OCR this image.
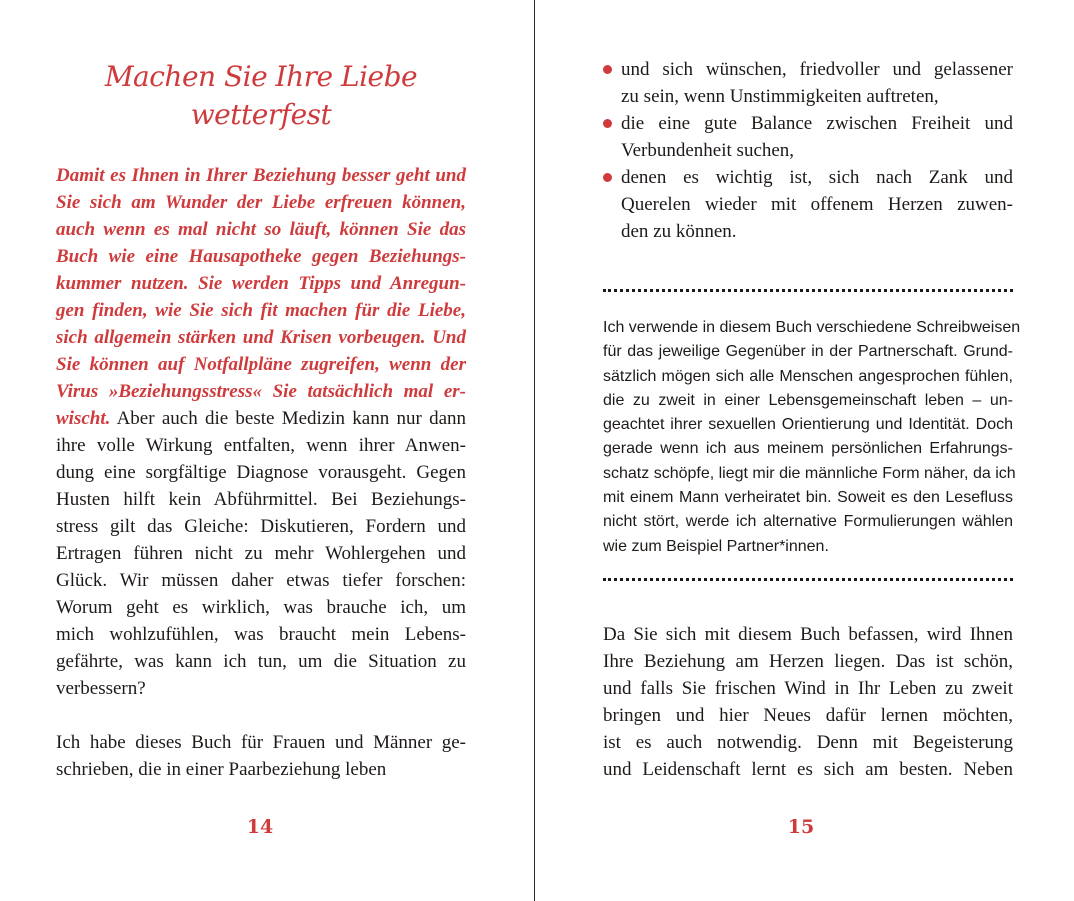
Machen Sie Ihre Liebe
wetterfest
Damit es Ihnen in Ihrer Beziehung besser geht und
Sie sich am Wunder der Liebe erfreuen können,
auch wenn es mal nicht so läuft, können Sie das
Buch wie eine Hausapotheke gegen Beziehungs-
kummer nutzen. Sie werden Tipps und Anregun-
gen finden, wie Sie sich fit machen für die Liebe,
sich allgemein stärken und Krisen vorbeugen. Und
Sie können auf Notfallpläne zugreifen, wenn der
Virus »Beziehungsstress« Sie tatsächlich mal er-
wischt. Aber auch die beste Medizin kann nur dann
ihre volle Wirkung entfalten, wenn ihrer Anwen-
dung eine sorgfältige Diagnose vorausgeht. Gegen
Husten hilft kein Abführmittel. Bei Beziehungs-
stress gilt das Gleiche: Diskutieren, Fordern und
Ertragen führen nicht zu mehr Wohlergehen und
Glück. Wir müssen daher etwas tiefer forschen:
Worum geht es wirklich, was brauche ich, um
mich wohlzufühlen, was braucht mein Lebens-
gefährte, was kann ich tun, um die Situation zu
verbessern?
Ich habe dieses Buch für Frauen und Männer ge-
schrieben, die in einer Paarbeziehung leben
14
und sich wünschen, friedvoller und gelassener
zu sein, wenn Unstimmigkeiten auftreten,
die eine gute Balance zwischen Freiheit und
Verbundenheit suchen,
denen es wichtig ist, sich nach Zank und
Querelen wieder mit offenem Herzen zuwen-
den zu können.
Ich verwende in diesem Buch verschiedene Schreibweisen
für das jeweilige Gegenüber in der Partnerschaft. Grund-
sätzlich mögen sich alle Menschen angesprochen fühlen,
die zu zweit in einer Lebensgemeinschaft leben – un-
geachtet ihrer sexuellen Orientierung und Identität. Doch
gerade wenn ich aus meinem persönlichen Erfahrungs-
schatz schöpfe, liegt mir die männliche Form näher, da ich
mit einem Mann verheiratet bin. Soweit es den Lesefluss
nicht stört, werde ich alternative Formulierungen wählen
wie zum Beispiel Partner*innen.
Da Sie sich mit diesem Buch befassen, wird Ihnen
Ihre Beziehung am Herzen liegen. Das ist schön,
und falls Sie frischen Wind in Ihr Leben zu zweit
bringen und hier Neues dafür lernen möchten,
ist es auch notwendig. Denn mit Begeisterung
und Leidenschaft lernt es sich am besten. Neben
15
